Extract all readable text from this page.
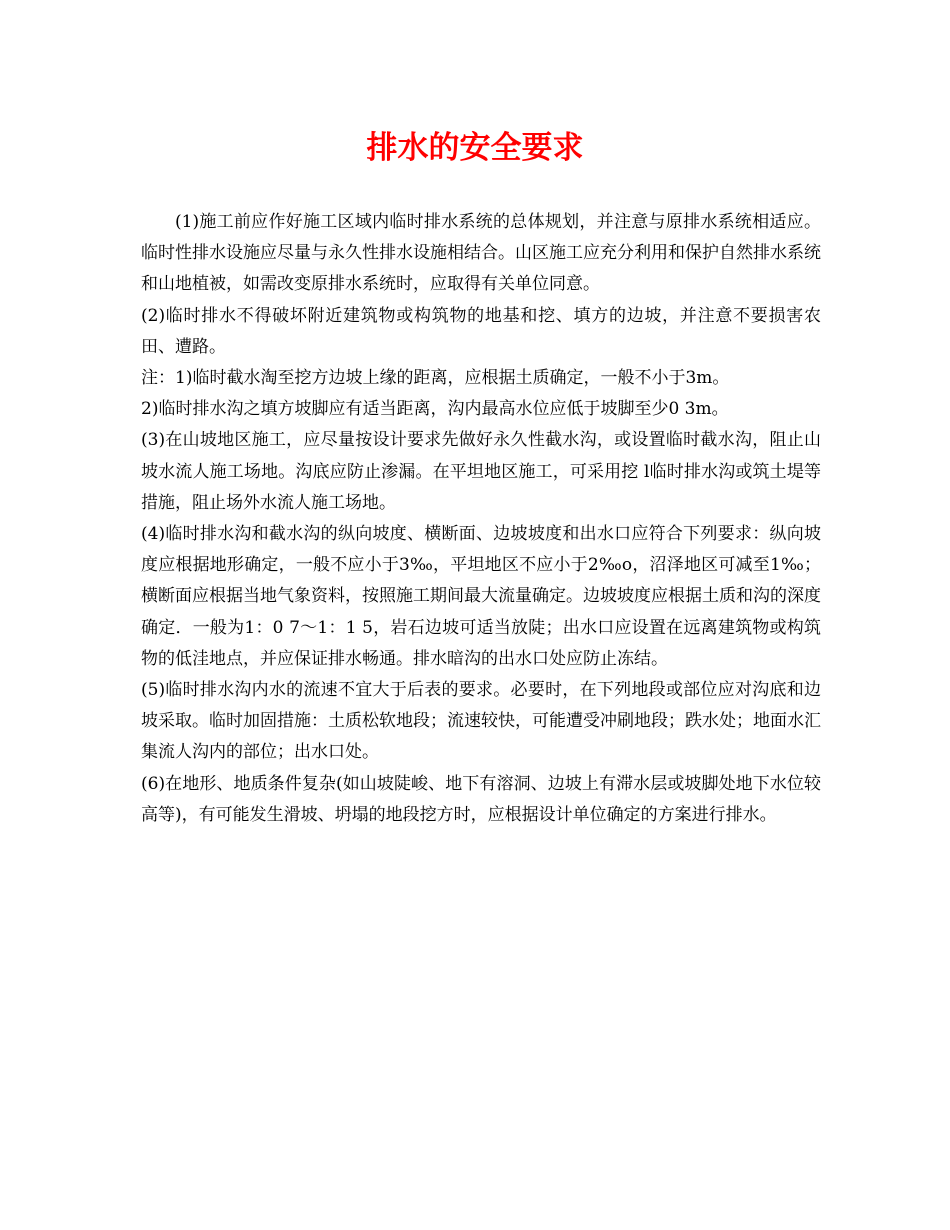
排水的安全要求

(1)施工前应作好施工区域内临时排水系统的总体规划，并注意与原排水系统相适应。临时性排水设施应尽量与永久性排水设施相结合。山区施工应充分利用和保护自然排水系统和山地植被，如需改变原排水系统时，应取得有关单位同意。

(2)临时排水不得破坏附近建筑物或构筑物的地基和挖、填方的边坡，并注意不要损害农田、遭路。

注：1)临时截水淘至挖方边坡上缘的距离，应根据土质确定，一般不小于3m。

2)临时排水沟之填方坡脚应有适当距离，沟内最高水位应低于坡脚至少0 3m。

(3)在山坡地区施工，应尽量按设计要求先做好永久性截水沟，或设置临时截水沟，阻止山坡水流人施工场地。沟底应防止渗漏。在平坦地区施工，可采用挖 l临时排水沟或筑土堤等措施，阻止场外水流人施工场地。

(4)临时排水沟和截水沟的纵向坡度、横断面、边坡坡度和出水口应符合下列要求：纵向坡度应根据地形确定，一般不应小于3‰，平坦地区不应小于2‰o，沼泽地区可减至1‰；横断面应根据当地气象资料，按照施工期间最大流量确定。边坡坡度应根据土质和沟的深度确定．一般为1：0 7～1：1 5，岩石边坡可适当放陡；出水口应设置在远离建筑物或构筑物的低洼地点，并应保证排水畅通。排水暗沟的出水口处应防止冻结。

(5)临时排水沟内水的流速不宜大于后表的要求。必要时，在下列地段或部位应对沟底和边坡采取。临时加固措施：土质松软地段；流速较快，可能遭受冲刷地段；跌水处；地面水汇集流人沟内的部位；出水口处。

(6)在地形、地质条件复杂(如山坡陡峻、地下有溶洞、边坡上有滞水层或坡脚处地下水位较高等)，有可能发生滑坡、坍塌的地段挖方时，应根据设计单位确定的方案进行排水。
